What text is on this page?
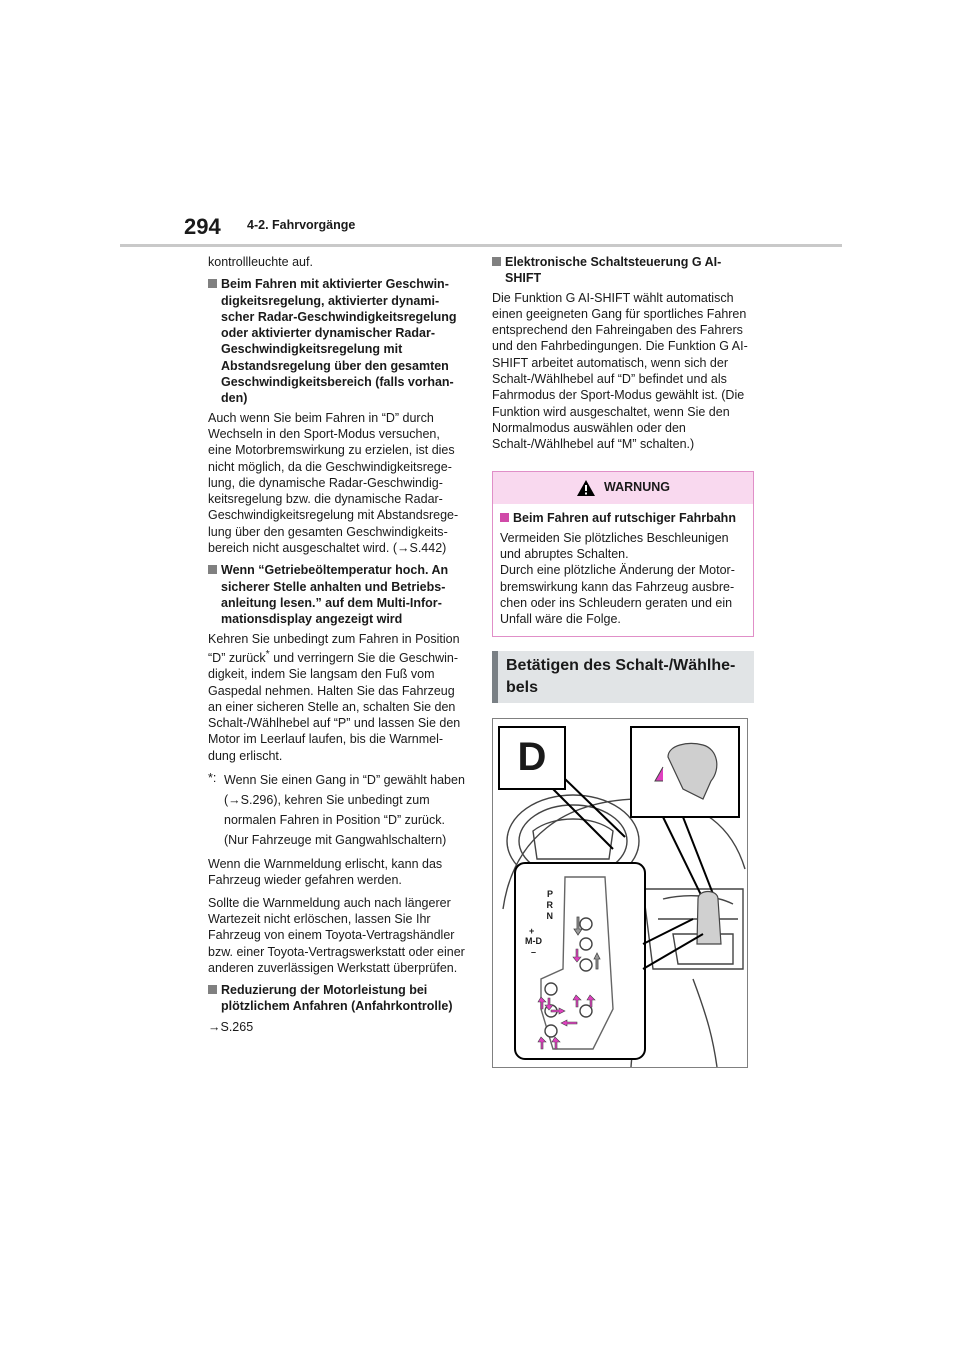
294 4-2. Fahrvorgänge

kontrollleuchte auf.

Beim Fahren mit aktivierter Geschwindigkeitsregelung, aktivierter dynamischer Radar-Geschwindigkeitsregelung oder aktivierter dynamischer Radar-Geschwindigkeitsregelung mit Abstandsregelung über den gesamten Geschwindigkeitsbereich (falls vorhanden)

Auch wenn Sie beim Fahren in “D” durch Wechseln in den Sport-Modus versuchen, eine Motorbremswirkung zu erzielen, ist dies nicht möglich, da die Geschwindigkeitsregelung, die dynamische Radar-Geschwindigkeitsregelung bzw. die dynamische Radar-Geschwindigkeitsregelung mit Abstandsregelung über den gesamten Geschwindigkeitsbereich nicht ausgeschaltet wird. (→S.442)

Wenn “Getriebeöltemperatur hoch. An sicherer Stelle anhalten und Betriebsanleitung lesen.” auf dem Multi-Informationsdisplay angezeigt wird

Kehren Sie unbedingt zum Fahren in Position “D” zurück* und verringern Sie die Geschwindigkeit, indem Sie langsam den Fuß vom Gaspedal nehmen. Halten Sie das Fahrzeug an einer sicheren Stelle an, schalten Sie den Schalt-/Wählhebel auf “P” und lassen Sie den Motor im Leerlauf laufen, bis die Warnmeldung erlischt.

*: Wenn Sie einen Gang in “D” gewählt haben (→S.296), kehren Sie unbedingt zum normalen Fahren in Position “D” zurück. (Nur Fahrzeuge mit Gangwahlschaltern)

Wenn die Warnmeldung erlischt, kann das Fahrzeug wieder gefahren werden.

Sollte die Warnmeldung auch nach längerer Wartezeit nicht erlöschen, lassen Sie Ihr Fahrzeug von einem Toyota-Vertragshändler bzw. einer Toyota-Vertragswerkstatt oder einer anderen zuverlässigen Werkstatt überprüfen.

Reduzierung der Motorleistung bei plötzlichem Anfahren (Anfahrkontrolle)

→S.265

Elektronische Schaltsteuerung G AI-SHIFT

Die Funktion G AI-SHIFT wählt automatisch einen geeigneten Gang für sportliches Fahren entsprechend den Fahreingaben des Fahrers und den Fahrbedingungen. Die Funktion G AI-SHIFT arbeitet automatisch, wenn sich der Schalt-/Wählhebel auf “D” befindet und als Fahrmodus der Sport-Modus gewählt ist. (Die Funktion wird ausgeschaltet, wenn Sie den Normalmodus auswählen oder den Schalt-/Wählhebel auf “M” schalten.)

WARNUNG
Beim Fahren auf rutschiger Fahrbahn

Vermeiden Sie plötzliches Beschleunigen und abruptes Schalten.

Durch eine plötzliche Änderung der Motorbremswirkung kann das Fahrzeug ausbrechen oder ins Schleudern geraten und ein Unfall wäre die Folge.

Betätigen des Schalt-/Wählhebels
D
P
R
N
+
M-D
–
